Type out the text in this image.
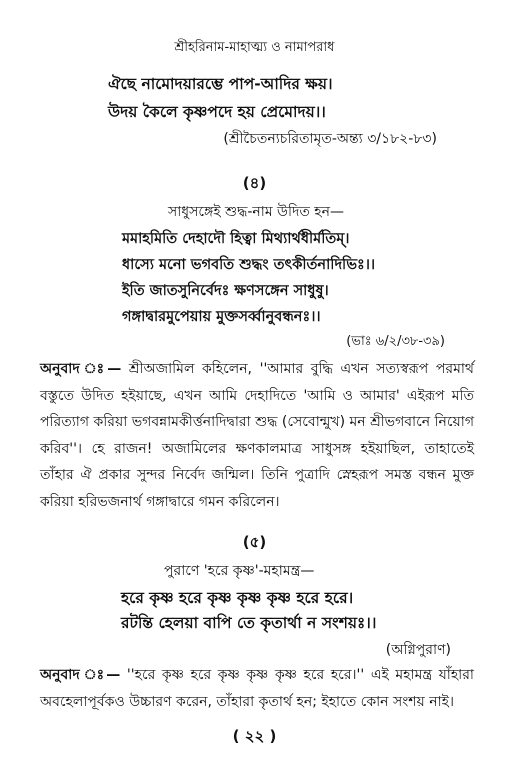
শ্রীহরিনাম-মাহাত্ম্য ও নামাপরাধ
ঐছে নামোদয়ারম্ভে পাপ-আদির ক্ষয়।
উদয় কৈলে কৃষ্ণপদে হয় প্রেমোদয়।।
(শ্রীচৈতন্যচরিতামৃত-অন্ত্য ৩/১৮২-৮৩)
(৪)
সাধুসঙ্গেই শুদ্ধ-নাম উদিত হন—
মমাহমিতি দেহাদৌ হিত্বা মিথ্যার্থধীর্মতিম্।
ধাস্যে মনো ভগবতি শুদ্ধং তৎকীর্তনাদিভিঃ।।
ইতি জাতসুনির্বেদঃ ক্ষণসঙ্গেন সাধুষু।
গঙ্গাদ্বারমুপেয়ায় মুক্তসর্ব্বানুবন্ধনঃ।।
(ভাঃ ৬/২/৩৮-৩৯)
অনুবাদ ঃ— শ্রীঅজামিল কহিলেন, ''আমার বুদ্ধি এখন সত্যস্বরূপ পরমার্থ বস্তুতে উদিত হইয়াছে, এখন আমি দেহাদিতে 'আমি ও আমার' এইরূপ মতি পরিত্যাগ করিয়া ভগবন্নামকীর্ত্তনাদিদ্বারা শুদ্ধ (সেবোন্মুখ) মন শ্রীভগবানে নিয়োগ করিব''। হে রাজন! অজামিলের ক্ষণকালমাত্র সাধুসঙ্গ হইয়াছিল, তাহাতেই তাঁহার ঐ প্রকার সুন্দর নির্বেদ জন্মিল। তিনি পুত্রাদি স্নেহরূপ সমস্ত বন্ধন মুক্ত করিয়া হরিভজনার্থ গঙ্গাদ্বারে গমন করিলেন।
(৫)
পুরাণে 'হরে কৃষ্ণ'-মহামন্ত্র—
হরে কৃষ্ণ হরে কৃষ্ণ কৃষ্ণ কৃষ্ণ হরে হরে।
রটন্তি হেলয়া বাপি তে কৃতার্থা ন সংশয়ঃ।।
(অগ্নিপুরাণ)
অনুবাদ ঃ— ''হরে কৃষ্ণ হরে কৃষ্ণ কৃষ্ণ কৃষ্ণ হরে হরে।'' এই মহামন্ত্র যাঁহারা অবহেলাপূর্বকও উচ্চারণ করেন, তাঁহারা কৃতার্থ হন; ইহাতে কোন সংশয় নাই।
( ২২ )
